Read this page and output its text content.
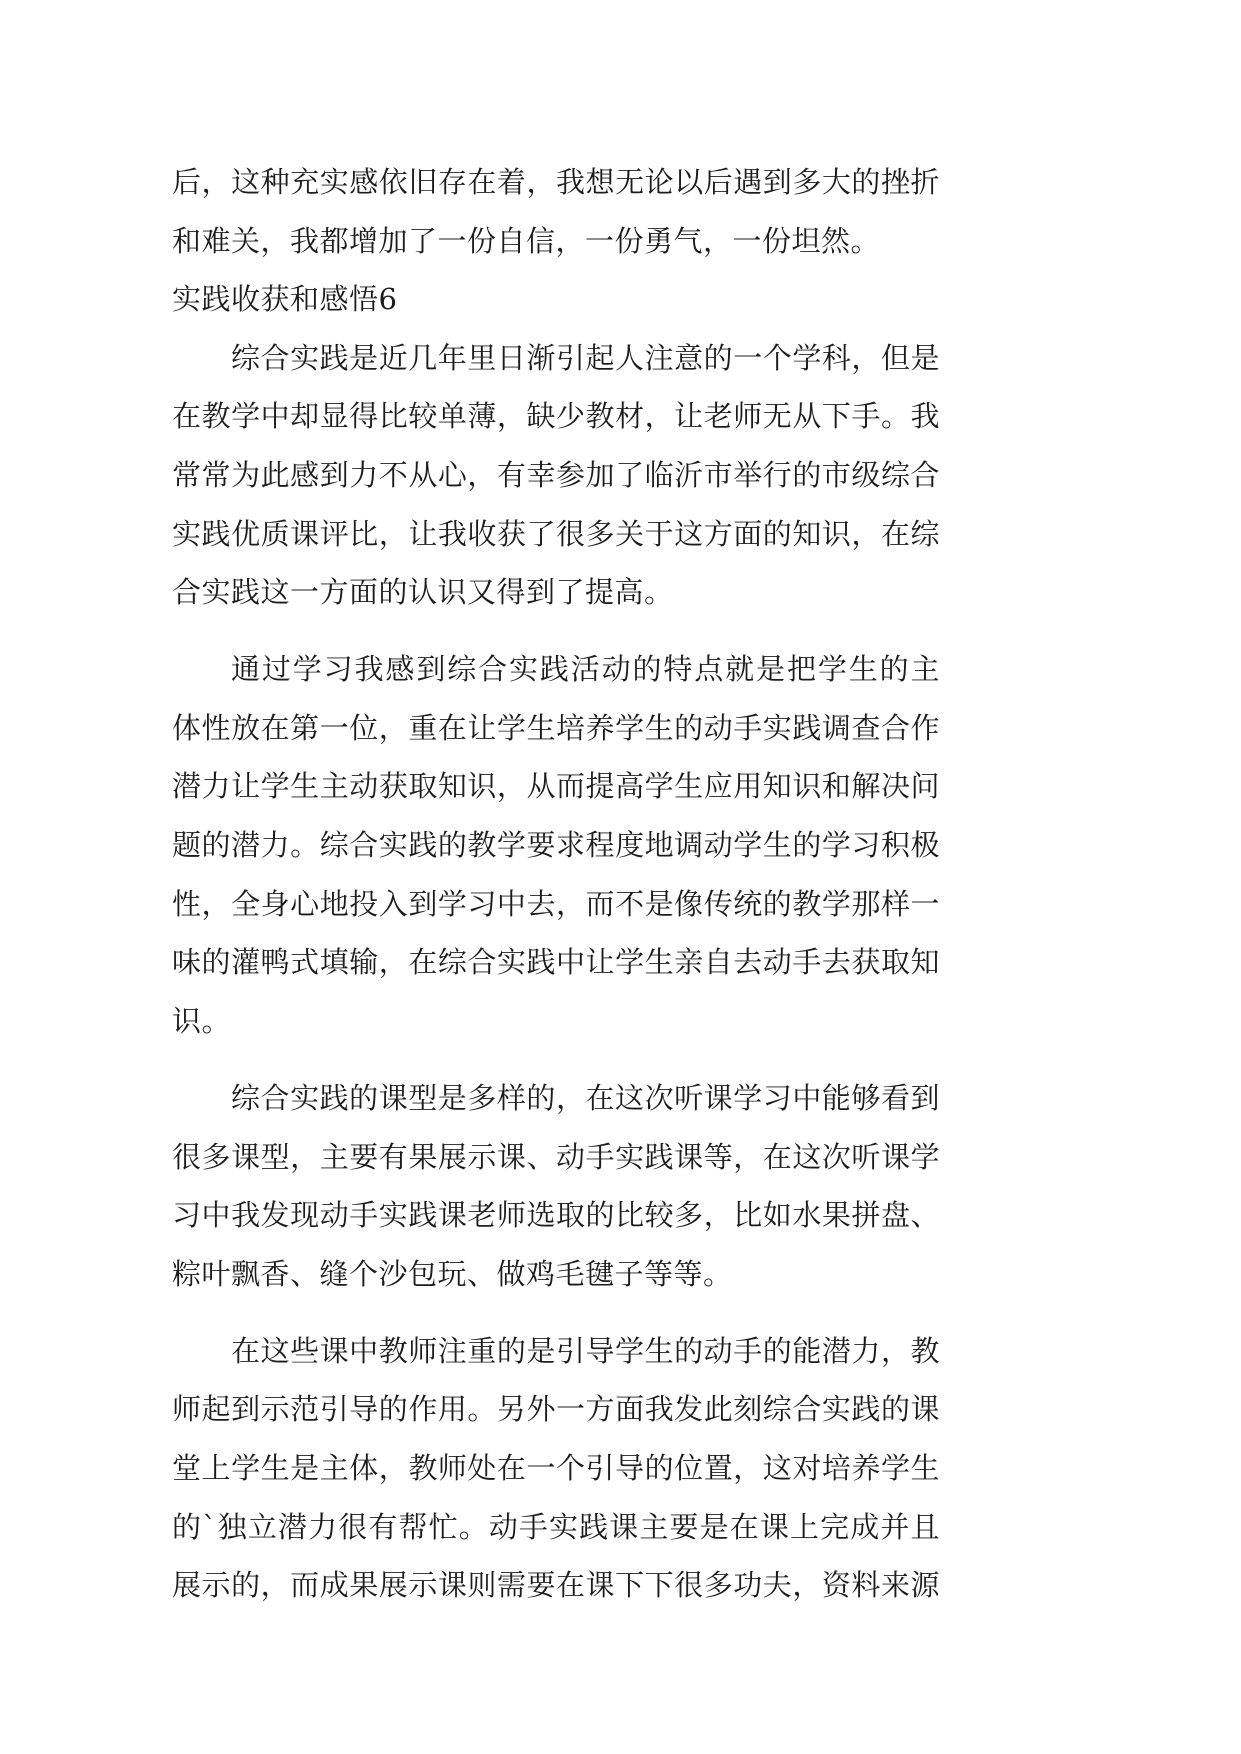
后，这种充实感依旧存在着，我想无论以后遇到多大的挫折
和难关，我都增加了一份自信，一份勇气，一份坦然。
实践收获和感悟6
综合实践是近几年里日渐引起人注意的一个学科，但是
在教学中却显得比较单薄，缺少教材，让老师无从下手。我
常常为此感到力不从心，有幸参加了临沂市举行的市级综合
实践优质课评比，让我收获了很多关于这方面的知识，在综
合实践这一方面的认识又得到了提高。
通过学习我感到综合实践活动的特点就是把学生的主
体性放在第一位，重在让学生培养学生的动手实践调查合作
潜力让学生主动获取知识，从而提高学生应用知识和解决问
题的潜力。综合实践的教学要求程度地调动学生的学习积极
性，全身心地投入到学习中去，而不是像传统的教学那样一
味的灌鸭式填输，在综合实践中让学生亲自去动手去获取知
识。
综合实践的课型是多样的，在这次听课学习中能够看到
很多课型，主要有果展示课、动手实践课等，在这次听课学
习中我发现动手实践课老师选取的比较多，比如水果拼盘、
粽叶飘香、缝个沙包玩、做鸡毛毽子等等。
在这些课中教师注重的是引导学生的动手的能潜力，教
师起到示范引导的作用。另外一方面我发此刻综合实践的课
堂上学生是主体，教师处在一个引导的位置，这对培养学生
的`独立潜力很有帮忙。动手实践课主要是在课上完成并且
展示的，而成果展示课则需要在课下下很多功夫，资料来源
